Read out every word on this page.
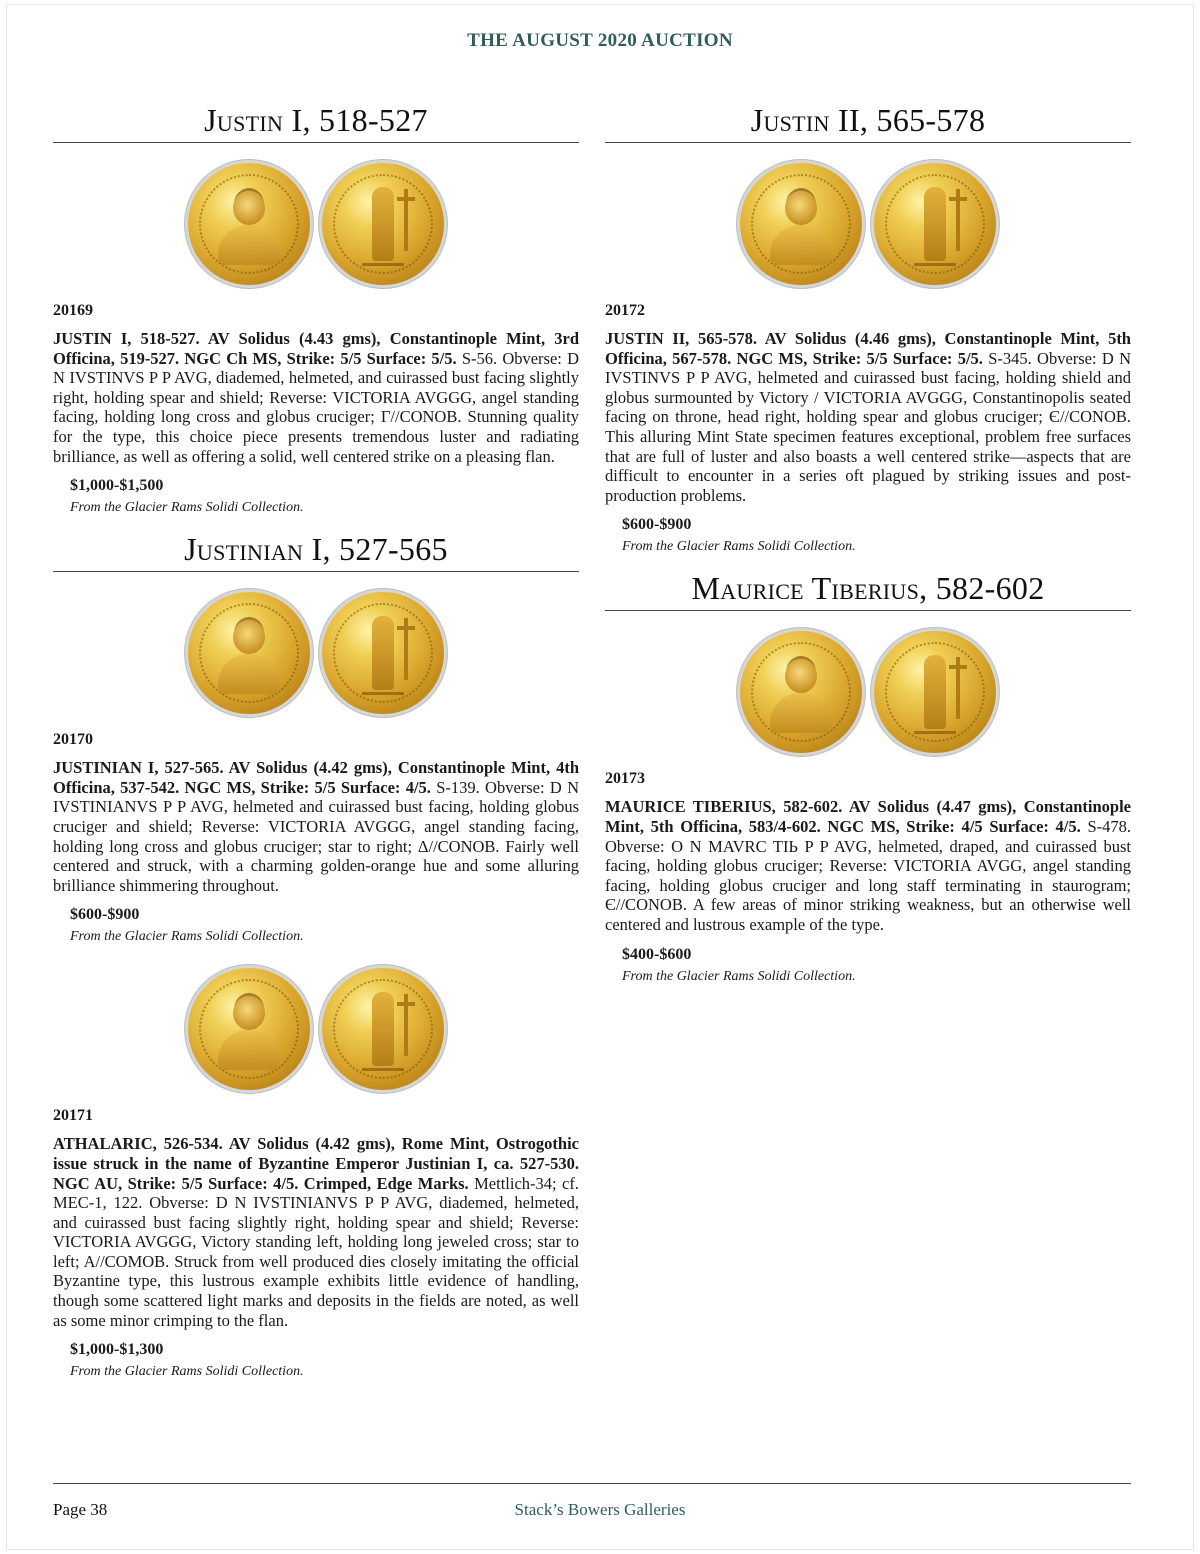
THE AUGUST 2020 AUCTION
Justin I, 518-527
20169
JUSTIN I, 518-527. AV Solidus (4.43 gms), Constantinople Mint, 3rd Officina, 519-527. NGC Ch MS, Strike: 5/5 Surface: 5/5. S-56. Obverse: D N IVSTINVS P P AVG, diademed, helmeted, and cuirassed bust facing slightly right, holding spear and shield; Reverse: VICTORIA AVGGG, angel standing facing, holding long cross and globus cruciger; Γ//CONOB. Stunning quality for the type, this choice piece presents tremendous luster and radiating brilliance, as well as offering a solid, well centered strike on a pleasing flan.
$1,000-$1,500
From the Glacier Rams Solidi Collection.
Justinian I, 527-565
20170
JUSTINIAN I, 527-565. AV Solidus (4.42 gms), Constantinople Mint, 4th Officina, 537-542. NGC MS, Strike: 5/5 Surface: 4/5. S-139. Obverse: D N IVSTINIANVS P P AVG, helmeted and cuirassed bust facing, holding globus cruciger and shield; Reverse: VICTORIA AVGGG, angel standing facing, holding long cross and globus cruciger; star to right; Δ//CONOB. Fairly well centered and struck, with a charming golden-orange hue and some alluring brilliance shimmering throughout.
$600-$900
From the Glacier Rams Solidi Collection.
20171
ATHALARIC, 526-534. AV Solidus (4.42 gms), Rome Mint, Ostrogothic issue struck in the name of Byzantine Emperor Justinian I, ca. 527-530. NGC AU, Strike: 5/5 Surface: 4/5. Crimped, Edge Marks. Mettlich-34; cf. MEC-1, 122. Obverse: D N IVSTINIANVS P P AVG, diademed, helmeted, and cuirassed bust facing slightly right, holding spear and shield; Reverse: VICTORIA AVGGG, Victory standing left, holding long jeweled cross; star to left; A//COMOB. Struck from well produced dies closely imitating the official Byzantine type, this lustrous example exhibits little evidence of handling, though some scattered light marks and deposits in the fields are noted, as well as some minor crimping to the flan.
$1,000-$1,300
From the Glacier Rams Solidi Collection.
Justin II, 565-578
20172
JUSTIN II, 565-578. AV Solidus (4.46 gms), Constantinople Mint, 5th Officina, 567-578. NGC MS, Strike: 5/5 Surface: 5/5. S-345. Obverse: D N IVSTINVS P P AVG, helmeted and cuirassed bust facing, holding shield and globus surmounted by Victory / VICTORIA AVGGG, Constantinopolis seated facing on throne, head right, holding spear and globus cruciger; Є//CONOB. This alluring Mint State specimen features exceptional, problem free surfaces that are full of luster and also boasts a well centered strike—aspects that are difficult to encounter in a series oft plagued by striking issues and post-production problems.
$600-$900
From the Glacier Rams Solidi Collection.
Maurice Tiberius, 582-602
20173
MAURICE TIBERIUS, 582-602. AV Solidus (4.47 gms), Constantinople Mint, 5th Officina, 583/4-602. NGC MS, Strike: 4/5 Surface: 4/5. S-478. Obverse: O N MAVRC TIЬ P P AVG, helmeted, draped, and cuirassed bust facing, holding globus cruciger; Reverse: VICTORIA AVGG, angel standing facing, holding globus cruciger and long staff terminating in staurogram; Є//CONOB. A few areas of minor striking weakness, but an otherwise well centered and lustrous example of the type.
$400-$600
From the Glacier Rams Solidi Collection.
Page 38	Stack’s Bowers Galleries
